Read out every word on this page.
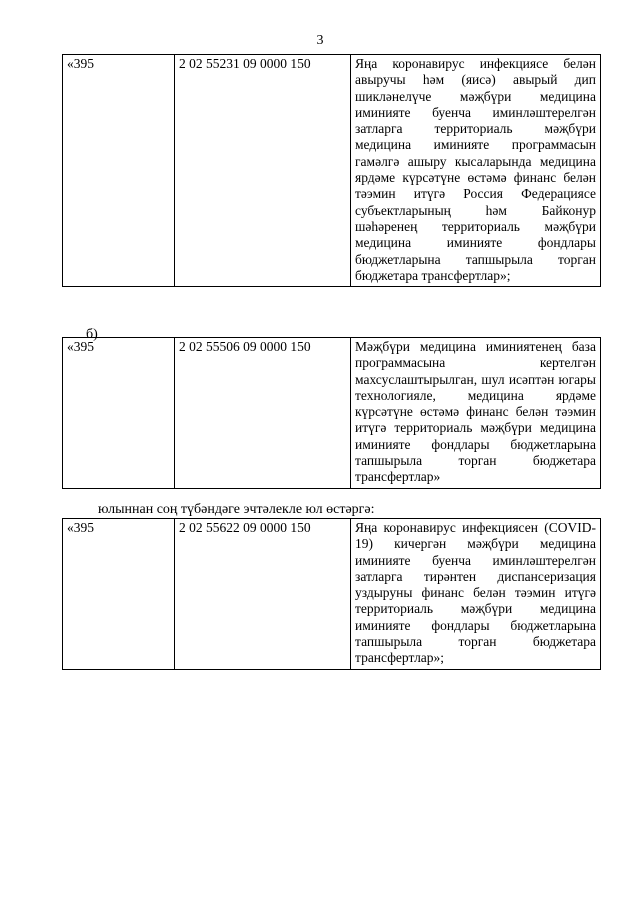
3
«395	2 02 55231 09 0000 150	Яңа коронавирус инфекциясе белән авыручы һәм (яисә) авырый дип шикләнелүче мәҗбүри медицина иминияте буенча иминләштерелгән затларга территориаль мәҗбүри медицина иминияте программасын гамәлгә ашыру кысаларында медицина ярдәме күрсәтүне өстәмә финанс белән тәэмин итүгә Россия Федерациясе субъектларының һәм Байконур шәһәренең территориаль мәҗбүри медицина иминияте фондлары бюджетларына тапшырыла торган бюджетара трансфертлар»;
б)
«395	2 02 55506 09 0000 150	Мәҗбүри медицина иминиятенең база программасына кертелгән махсуслаштырылган, шул исәптән югары технологияле, медицина ярдәме күрсәтүне өстәмә финанс белән тәэмин итүгә территориаль мәҗбүри медицина иминияте фондлары бюджетларына тапшырыла торган бюджетара трансфертлар»
юлыннан соң түбәндәге эчтәлекле юл өстәргә:
«395	2 02 55622 09 0000 150	Яңа коронавирус инфекциясен (COVID-19) кичергән мәҗбүри медицина иминияте буенча иминләштерелгән затларга тирәнтен диспансеризация уздыруны финанс белән тәэмин итүгә территориаль мәҗбүри медицина иминияте фондлары бюджетларына тапшырыла торган бюджетара трансфертлар»;
